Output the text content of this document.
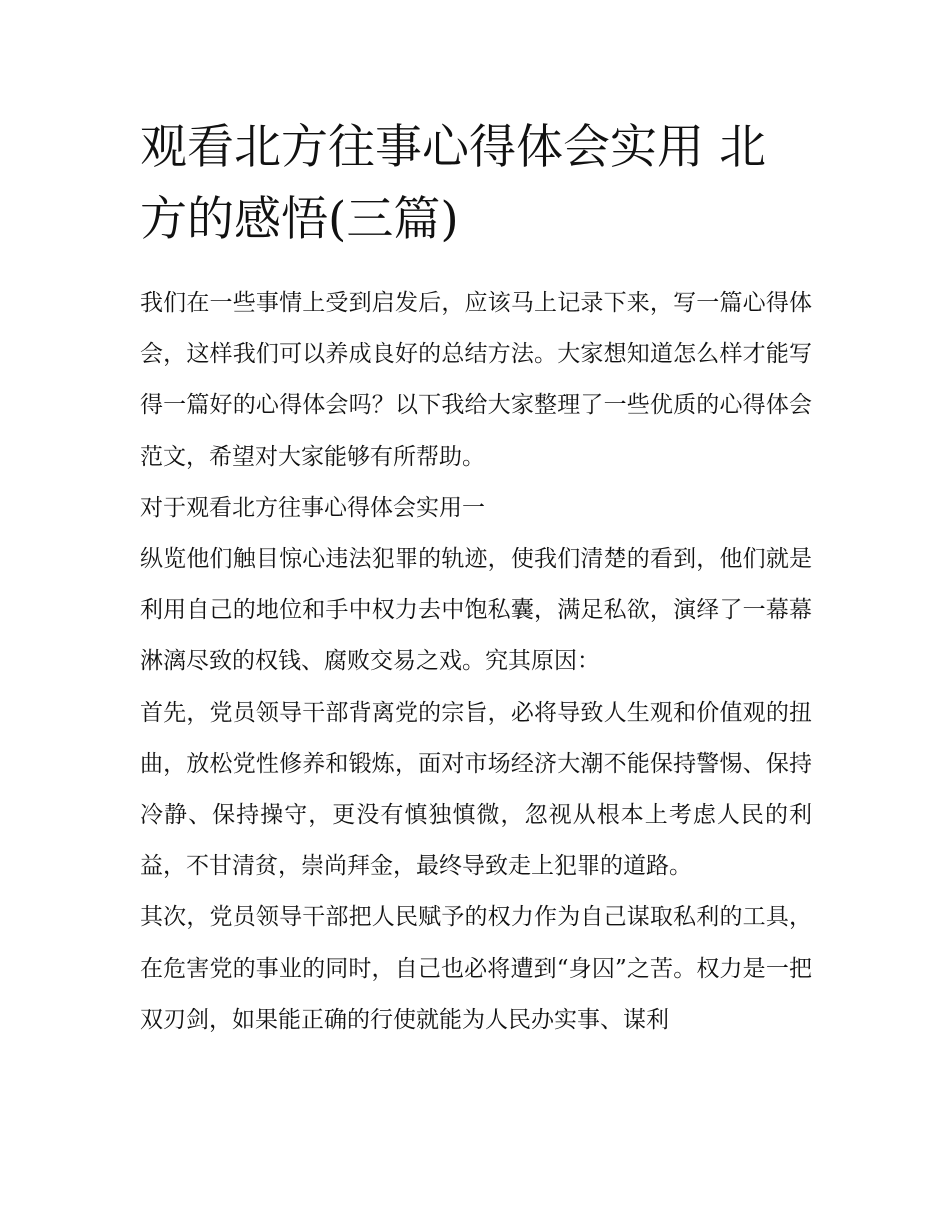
观看北方往事心得体会实用 北方的感悟(三篇)

我们在一些事情上受到启发后，应该马上记录下来，写一篇心得体会，这样我们可以养成良好的总结方法。大家想知道怎么样才能写得一篇好的心得体会吗？以下我给大家整理了一些优质的心得体会范文，希望对大家能够有所帮助。

对于观看北方往事心得体会实用一

纵览他们触目惊心违法犯罪的轨迹，使我们清楚的看到，他们就是利用自己的地位和手中权力去中饱私囊，满足私欲，演绎了一幕幕淋漓尽致的权钱、腐败交易之戏。究其原因：

首先，党员领导干部背离党的宗旨，必将导致人生观和价值观的扭曲，放松党性修养和锻炼，面对市场经济大潮不能保持警惕、保持冷静、保持操守，更没有慎独慎微，忽视从根本上考虑人民的利益，不甘清贫，崇尚拜金，最终导致走上犯罪的道路。

其次，党员领导干部把人民赋予的权力作为自己谋取私利的工具，在危害党的事业的同时，自己也必将遭到“身囚”之苦。权力是一把双刃剑，如果能正确的行使就能为人民办实事、谋利
